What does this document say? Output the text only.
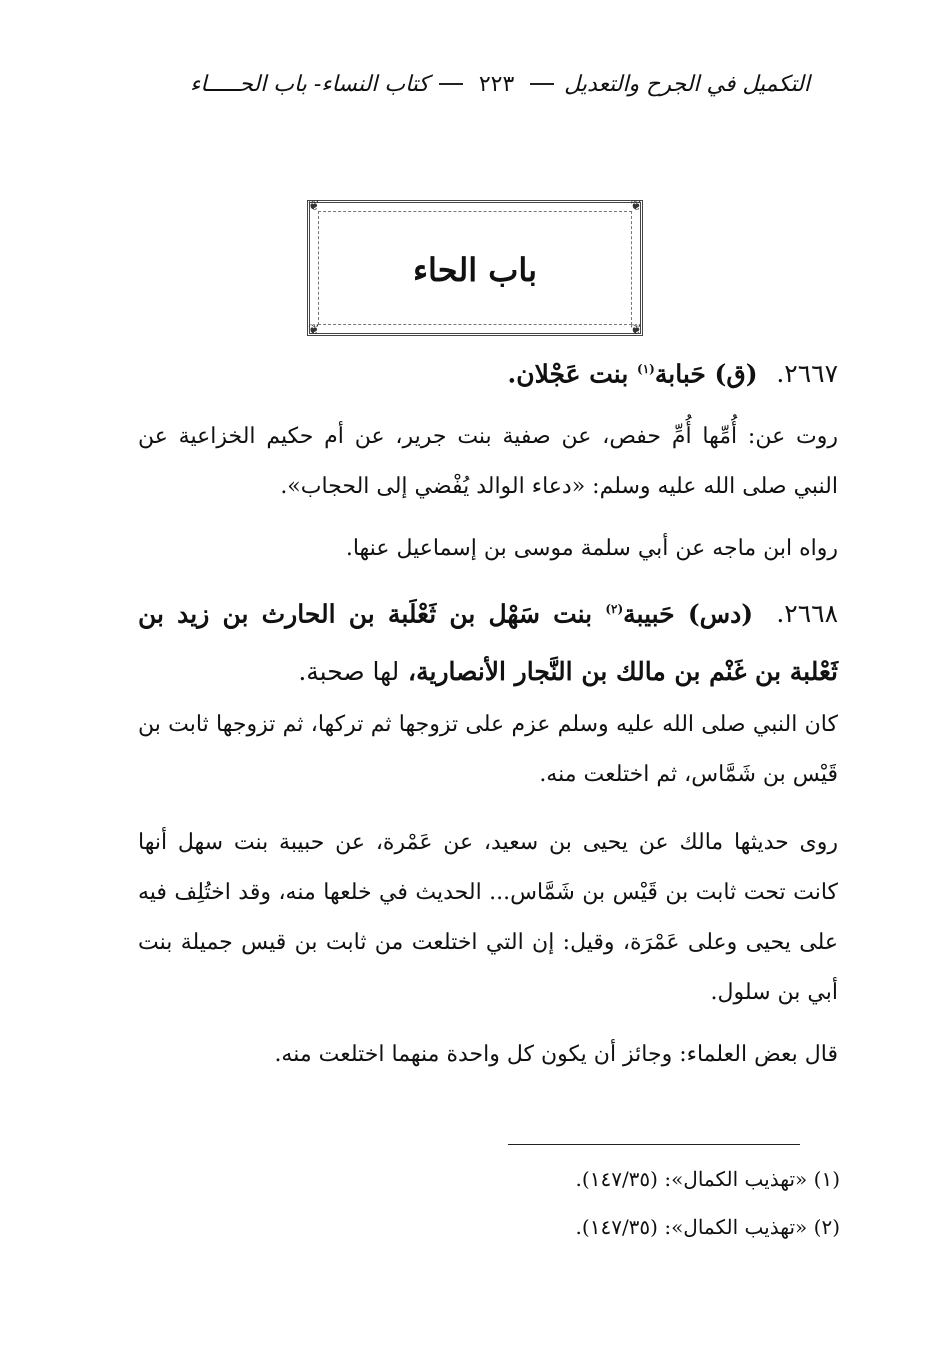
التكميل في الجرح والتعديل
٢٢٣
كتاب النساء- باب الحـــــاء
❦	❦
❦	❦
باب الحاء
٢٦٦٧. (ق) حَبابة$^{(١)}$ بنت عَجْلان.
روت عن: أُمِّها أُمِّ حفص، عن صفية بنت جرير، عن أم حكيم الخزاعية عن النبي صلى الله عليه وسلم: «دعاء الوالد يُفْضي إلى الحجاب».
رواه ابن ماجه عن أبي سلمة موسى بن إسماعيل عنها.
٢٦٦٨. (دس) حَبيبة$^{(٢)}$ بنت سَهْل بن ثَعْلَبة بن الحارث بن زيد بن ثَعْلبة بن غَنْم بن مالك بن النَّجار الأنصارية، لها صحبة.
كان النبي صلى الله عليه وسلم عزم على تزوجها ثم تركها، ثم تزوجها ثابت بن قَيْس بن شَمَّاس، ثم اختلعت منه.
روى حديثها مالك عن يحيى بن سعيد، عن عَمْرة، عن حبيبة بنت سهل أنها كانت تحت ثابت بن قَيْس بن شَمَّاس... الحديث في خلعها منه، وقد اختُلِف فيه على يحيى وعلى عَمْرَة، وقيل: إن التي اختلعت من ثابت بن قيس جميلة بنت أبي بن سلول.
قال بعض العلماء: وجائز أن يكون كل واحدة منهما اختلعت منه.
(١) «تهذيب الكمال»: (١٤٧/٣٥).
(٢) «تهذيب الكمال»: (١٤٧/٣٥).
